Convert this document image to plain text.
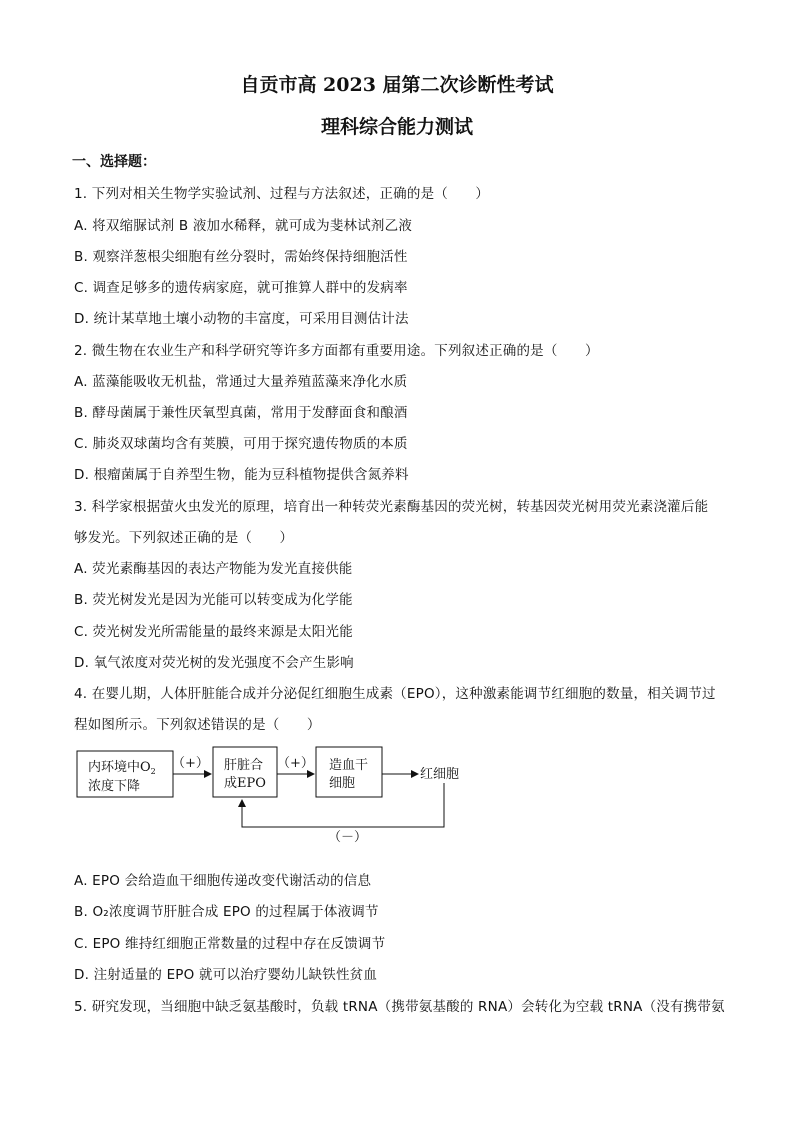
自贡市高 2023 届第二次诊断性考试
理科综合能力测试
一、选择题：
1. 下列对相关生物学实验试剂、过程与方法叙述，正确的是（　　）
A. 将双缩脲试剂 B 液加水稀释，就可成为斐林试剂乙液
B. 观察洋葱根尖细胞有丝分裂时，需始终保持细胞活性
C. 调查足够多的遗传病家庭，就可推算人群中的发病率
D. 统计某草地土壤小动物的丰富度，可采用目测估计法
2. 微生物在农业生产和科学研究等许多方面都有重要用途。下列叙述正确的是（　　）
A. 蓝藻能吸收无机盐，常通过大量养殖蓝藻来净化水质
B. 酵母菌属于兼性厌氧型真菌，常用于发酵面食和酿酒
C. 肺炎双球菌均含有荚膜，可用于探究遗传物质的本质
D. 根瘤菌属于自养型生物，能为豆科植物提供含氮养料
3. 科学家根据萤火虫发光的原理，培育出一种转荧光素酶基因的荧光树，转基因荧光树用荧光素浇灌后能
够发光。下列叙述正确的是（　　）
A. 荧光素酶基因的表达产物能为发光直接供能
B. 荧光树发光是因为光能可以转变成为化学能
C. 荧光树发光所需能量的最终来源是太阳光能
D. 氧气浓度对荧光树的发光强度不会产生影响
4. 在婴儿期，人体肝脏能合成并分泌促红细胞生成素（EPO），这种激素能调节红细胞的数量，相关调节过
程如图所示。下列叙述错误的是（　　）
内环境中$O_2$
浓度下降
（+） 肝脏合
成EPO
（+） 造血干
细胞
红细胞
（－）
A. EPO 会给造血干细胞传递改变代谢活动的信息
B. O₂浓度调节肝脏合成 EPO 的过程属于体液调节
C. EPO 维持红细胞正常数量的过程中存在反馈调节
D. 注射适量的 EPO 就可以治疗婴幼儿缺铁性贫血
5. 研究发现，当细胞中缺乏氨基酸时，负载 tRNA（携带氨基酸的 RNA）会转化为空载 tRNA（没有携带氨
